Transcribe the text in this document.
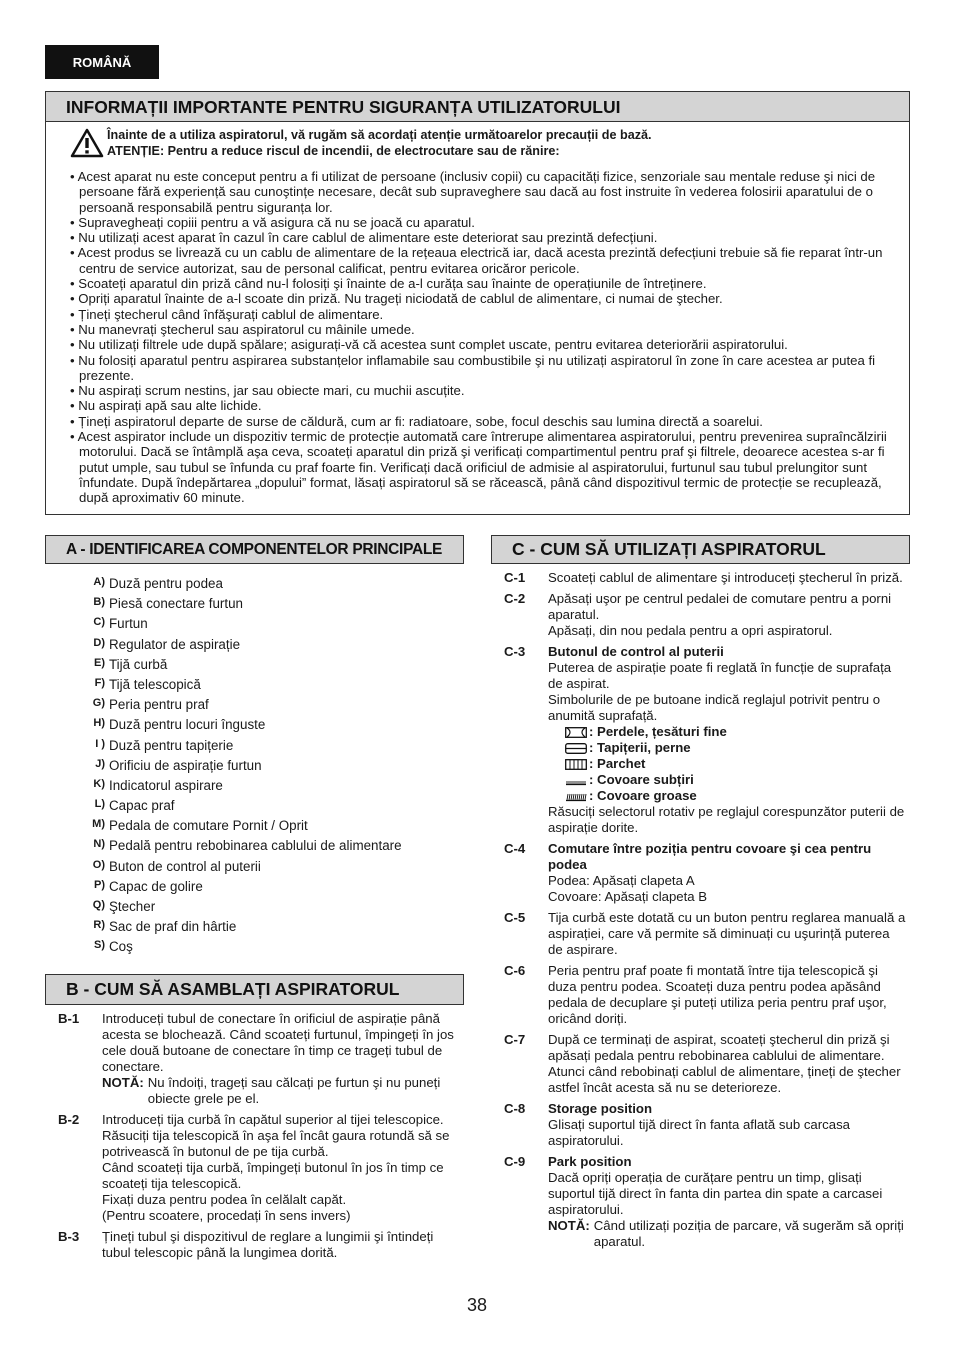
ROMÂNĂ
INFORMAȚII IMPORTANTE PENTRU SIGURANȚA UTILIZATORULUI
Înainte de a utiliza aspiratorul, vă rugăm să acordați atenție următoarelor precauții de bază.
ATENȚIE: Pentru a reduce riscul de incendii, de electrocutare sau de rănire:
• Acest aparat nu este conceput pentru a fi utilizat de persoane (inclusiv copii) cu capacități fizice, senzoriale sau mentale reduse şi nici de persoane fără experiență sau cunoştințe necesare, decât sub supraveghere sau dacă au fost instruite în vederea folosirii aparatului de o persoană responsabilă pentru siguranța lor.
• Supravegheați copiii pentru a vă asigura că nu se joacă cu aparatul.
• Nu utilizați acest aparat în cazul în care cablul de alimentare este deteriorat sau prezintă defecțiuni.
• Acest produs se livrează cu un cablu de alimentare de la rețeaua electrică iar, dacă acesta prezintă defecțiuni trebuie să fie reparat într-un centru de service autorizat, sau de personal calificat, pentru evitarea oricăror pericole.
• Scoateți aparatul din priză când nu-l folosiți şi înainte de a-l curăța sau înainte de operațiunile de întreținere.
• Opriți aparatul înainte de a-l scoate din priză. Nu trageți niciodată de cablul de alimentare, ci numai de ştecher.
• Țineți ştecherul când înfăşurați cablul de alimentare.
• Nu manevrați ştecherul sau aspiratorul cu mâinile umede.
• Nu utilizați filtrele ude după spălare; asigurați-vă că acestea sunt complet uscate, pentru evitarea deteriorării aspiratorului.
• Nu folosiți aparatul pentru aspirarea substanțelor inflamabile sau combustibile şi nu utilizați aspiratorul în zone în care acestea ar putea fi prezente.
• Nu aspirați scrum nestins, jar sau obiecte mari, cu muchii ascuțite.
• Nu aspirați apă sau alte lichide.
• Țineți aspiratorul departe de surse de căldură, cum ar fi: radiatoare, sobe, focul deschis sau lumina directă a soarelui.
• Acest aspirator include un dispozitiv termic de protecție automată care întrerupe alimentarea aspiratorului, pentru prevenirea supraîncălzirii motorului. Dacă se întâmplă aşa ceva, scoateți aparatul din priză şi verificați compartimentul pentru praf şi filtrele, deoarece acestea s-ar fi putut umple, sau tubul se înfunda cu praf foarte fin. Verificați dacă orificiul de admisie al aspiratorului, furtunul sau tubul prelungitor sunt înfundate. După îndepărtarea „dopului” format, lăsați aspiratorul să se răcească, până când dispozitivul termic de protecție se recuplează, după aproximativ 60 minute.
A - IDENTIFICAREA COMPONENTELOR PRINCIPALE
A) Duză pentru podea
B) Piesă conectare furtun
C) Furtun
D) Regulator de aspirație
E) Tijă curbă
F) Tijă telescopică
G) Peria pentru praf
H) Duză pentru locuri înguste
I ) Duză pentru tapițerie
J) Orificiu de aspirație furtun
K) Indicatorul aspirare
L) Capac praf
M) Pedala de comutare Pornit / Oprit
N) Pedală pentru rebobinarea cablului de alimentare
O) Buton de control al puterii
P) Capac de golire
Q) Ştecher
R) Sac de praf din hârtie
S) Coş
B - CUM SĂ ASAMBLAȚI ASPIRATORUL
B-1	Introduceți tubul de conectare în orificiul de aspirație până acesta se blochează. Când scoateți furtunul, împingeți în jos cele două butoane de conectare în timp ce trageți tubul de conectare.
NOTĂ: Nu îndoiți, trageți sau călcați pe furtun şi nu puneți obiecte grele pe el.
B-2	Introduceți tija curbă în capătul superior al tijei telescopice.
Răsuciți tija telescopică în aşa fel încât gaura rotundă să se potrivească în butonul de pe tija curbă.
Când scoateți tija curbă, împingeți butonul în jos în timp ce scoateți tija telescopică.
Fixați duza pentru podea în celălalt capăt.
(Pentru scoatere, procedați în sens invers)
B-3	Țineți tubul şi dispozitivul de reglare a lungimii şi întindeți tubul telescopic până la lungimea dorită.
C - CUM SĂ UTILIZAȚI ASPIRATORUL
C-1	Scoateți cablul de alimentare şi introduceți ştecherul în priză.
C-2	Apăsați uşor pe centrul pedalei de comutare pentru a porni aparatul.
Apăsați, din nou pedala pentru a opri aspiratorul.
C-3	Butonul de control al puterii
Puterea de aspirație poate fi reglată în funcție de suprafața de aspirat.
Simbolurile de pe butoane indică reglajul potrivit pentru o anumită suprafață.
: Perdele, țesături fine
: Tapițerii, perne
: Parchet
: Covoare subțiri
: Covoare groase
Răsuciți selectorul rotativ pe reglajul corespunzător puterii de aspirație dorite.
C-4	Comutare între poziția pentru covoare şi cea pentru podea
Podea: Apăsați clapeta A
Covoare: Apăsați clapeta B
C-5	Tija curbă este dotată cu un buton pentru reglarea manuală a aspirației, care vă permite să diminuați cu uşurință puterea de aspirare.
C-6	Peria pentru praf poate fi montată între tija telescopică şi duza pentru podea. Scoateți duza pentru podea apăsând pedala de decuplare şi puteți utiliza peria pentru praf uşor, oricând doriți.
C-7	După ce terminați de aspirat, scoateți ştecherul din priză şi apăsați pedala pentru rebobinarea cablului de alimentare.
Atunci când rebobinați cablul de alimentare, țineți de ştecher astfel încât acesta să nu se deterioreze.
C-8	Storage position
Glisați suportul tijă direct în fanta aflată sub carcasa aspiratorului.
C-9	Park position
Dacă opriți operația de curățare pentru un timp, glisați suportul tijă direct în fanta din partea din spate a carcasei aspiratorului.
NOTĂ: Când utilizați poziția de parcare, vă sugerăm să opriți aparatul.
38
